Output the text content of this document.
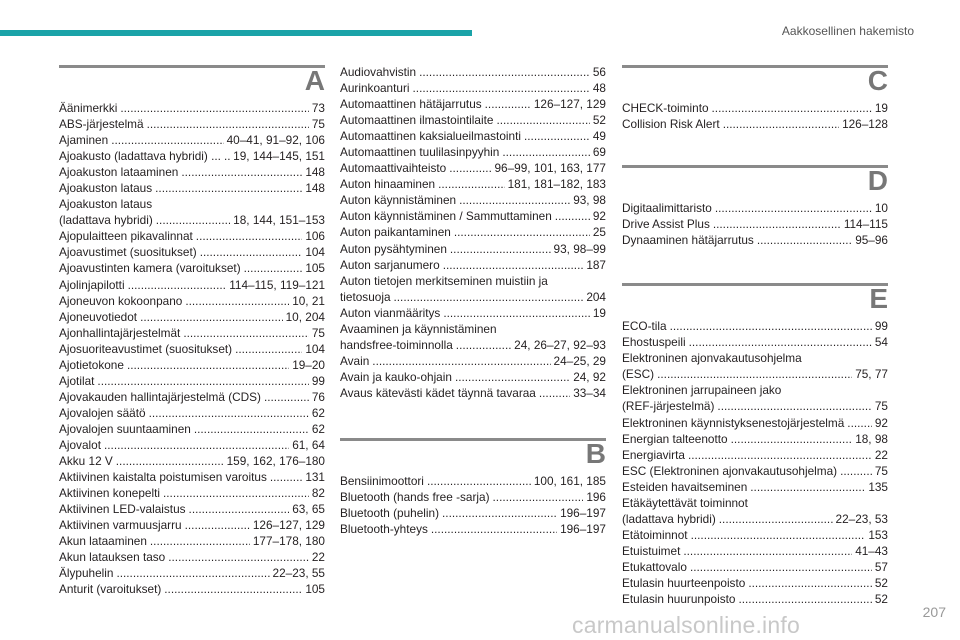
Aakkosellinen hakemisto
A
Äänimerkki .....	73
ABS-järjestelmä .....	75
Ajaminen .....	40–41, 91–92, 106
Ajoakusto (ladattava hybridi) ... ..... 19, 144–145, 151
Ajoakuston lataaminen .....	148
Ajoakuston lataus .....	148
Ajoakuston lataus
(ladattava hybridi) .....	18, 144, 151–153
Ajopulaitteen pikavalinnat .....	106
Ajoavustimet (suositukset) .....	104
Ajoavustinten kamera (varoitukset) .....	105
Ajolinjapilotti .....	114–115, 119–121
Ajoneuvon kokoonpano .....	10, 21
Ajoneuvotiedot .....	10, 204
Ajonhallintajärjestelmät .....	75
Ajosuoriteavustimet (suositukset) .....	104
Ajotietokone .....	19–20
Ajotilat .....	99
Ajovakauden hallintajärjestelmä (CDS) .....	76
Ajovalojen säätö .....	62
Ajovalojen suuntaaminen .....	62
Ajovalot .....	61, 64
Akku 12 V .....	159, 162, 176–180
Aktiivinen kaistalta poistumisen varoitus .....	131
Aktiivinen konepelti .....	82
Aktiivinen LED-valaistus .....	63, 65
Aktiivinen varmuusjarru .....	126–127, 129
Akun lataaminen .....	177–178, 180
Akun latauksen taso .....	22
Älypuhelin .....	22–23, 55
Anturit (varoitukset) .....	105
Audiovahvistin .....	56
Aurinkoanturi .....	48
Automaattinen hätäjarrutus .....	126–127, 129
Automaattinen ilmastointilaite .....	52
Automaattinen kaksialueilmastointi .....	49
Automaattinen tuulilasinpyyhin .....	69
Automaattivaihteisto .....	96–99, 101, 163, 177
Auton hinaaminen .....	181, 181–182, 183
Auton käynnistäminen .....	93, 98
Auton käynnistäminen / Sammuttaminen .....	92
Auton paikantaminen .....	25
Auton pysähtyminen .....	93, 98–99
Auton sarjanumero .....	187
Auton tietojen merkitseminen muistiin ja
tietosuoja .....	204
Auton vianmääritys .....	19
Avaaminen ja käynnistäminen
handsfree-toiminnolla .....	24, 26–27, 92–93
Avain .....	24–25, 29
Avain ja kauko-ohjain .....	24, 92
Avaus kätevästi kädet täynnä tavaraa .....	33–34
B
Bensiinimoottori .....	100, 161, 185
Bluetooth (hands free -sarja) .....	196
Bluetooth (puhelin) .....	196–197
Bluetooth-yhteys .....	196–197
C
CHECK-toiminto .....	19
Collision Risk Alert .....	126–128
D
Digitaalimittaristo .....	10
Drive Assist Plus .....	114–115
Dynaaminen hätäjarrutus .....	95–96
E
ECO-tila .....	99
Ehostuspeili .....	54
Elektroninen ajonvakautusohjelma
(ESC) .....	75, 77
Elektroninen jarrupaineen jako
(REF-järjestelmä) .....	75
Elektroninen käynnistyksenestojärjestelmä .....	92
Energian talteenotto .....	18, 98
Energiavirta .....	22
ESC (Elektroninen ajonvakautusohjelma) .....	75
Esteiden havaitseminen .....	135
Etäkäytettävät toiminnot
(ladattava hybridi) .....	22–23, 53
Etätoiminnot .....	153
Etuistuimet .....	41–43
Etukattovalo .....	57
Etulasin huurteenpoisto .....	52
Etulasin huurunpoisto .....	52
207
carmanualsonline.info
